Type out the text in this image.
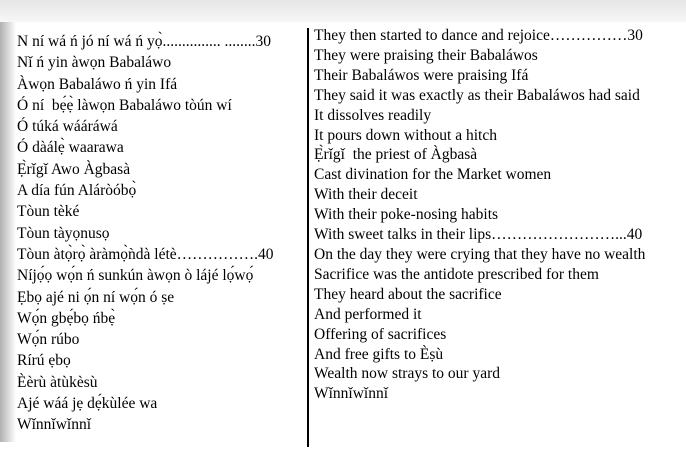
N ní wá ń jó ní wá ń yọ̀............... ........30
Nǐ ń yin àwọn Babaláwo
Àwọn Babaláwo ń yin Ifá
Ó ní  bẹ́ẹ̀ làwọn Babaláwo tòún wí
Ó túká wááráwá
Ó dàálẹ̀ waarawa
Ẹ̀rǐgǐ Awo Àgbasà
A día fún Aláròóbọ̀
Tòun tèké
Tòun tàyọnusọ
Tòun àtọ̀rọ̀ àràmọ̀ǹdà létè…………….40
Níjọ́ọ wọ́n ń sunkún àwọn ò lájé lọ́wọ́
Ẹbọ ajé ni ọ́n ní wọ́n ó ṣe
Wọ́n gbẹ́bọ ńbẹ̀
Wọ́n rúbo
Rírú ẹbọ
Èèrù àtùkèsù
Ajé wáá jẹ dẹ́kùlée wa
Wǐnnǐwǐnnǐ
They then started to dance and rejoice……………30
They were praising their Babaláwos
Their Babaláwos were praising Ifá
They said it was exactly as their Babaláwos had said
It dissolves readily
It pours down without a hitch
Ẹ̀rǐgǐ  the priest of Àgbasà
Cast divination for the Market women
With their deceit
With their poke-nosing habits
With sweet talks in their lips……………………...40
On the day they were crying that they have no wealth
Sacrifice was the antidote prescribed for them
They heard about the sacrifice
And performed it
Offering of sacrifices
And free gifts to Èṣù
Wealth now strays to our yard
Wǐnnǐwǐnnǐ
